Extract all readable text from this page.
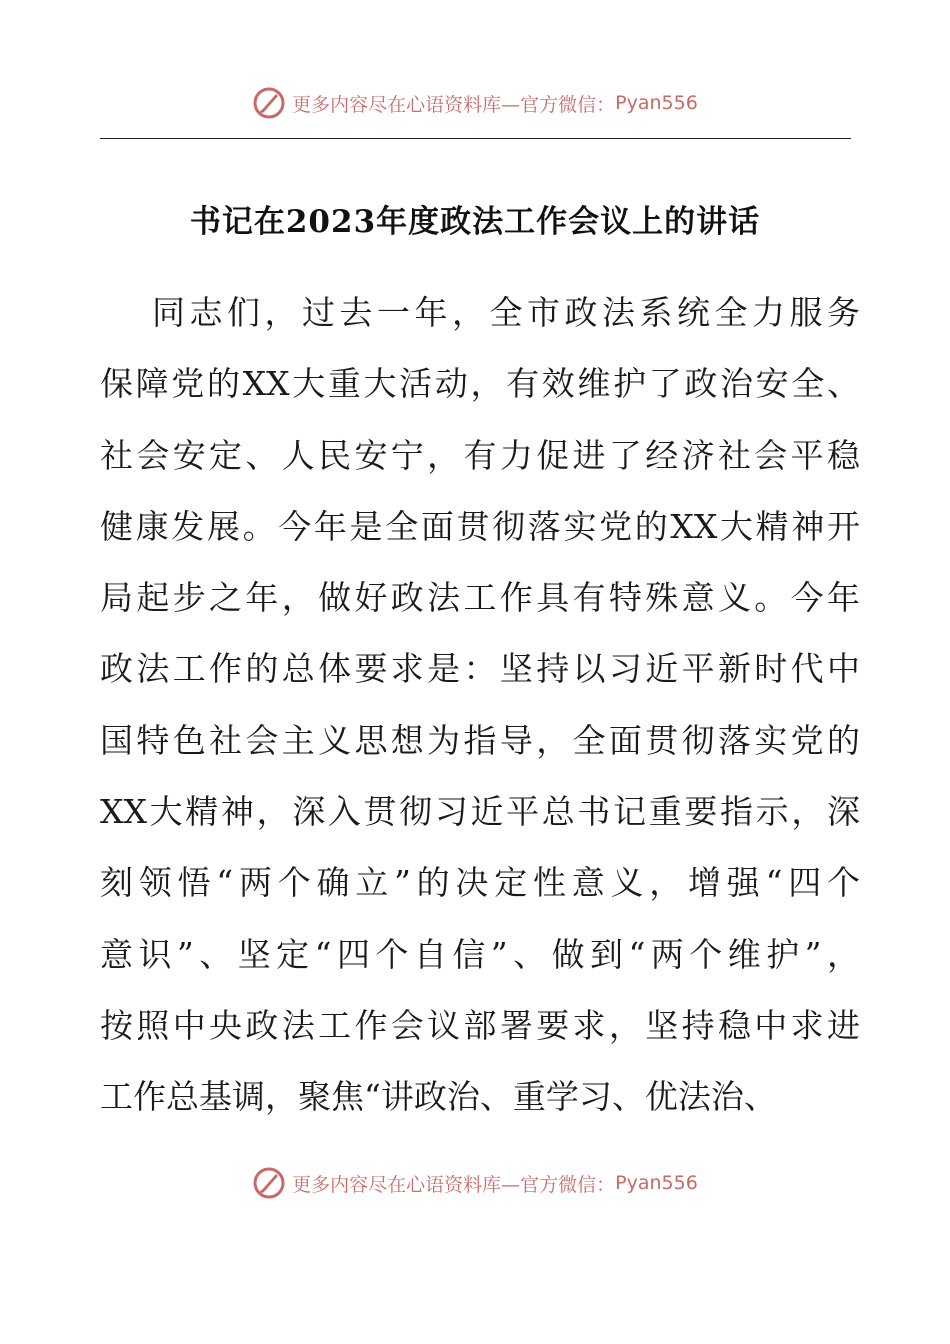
更多内容尽在心语资料库—官方微信： Pyan556
书记在2023年度政法工作会议上的讲话
同志们，过去一年，全市政法系统全力服务
保障党的XX大重大活动，有效维护了政治安全、
社会安定、人民安宁，有力促进了经济社会平稳
健康发展。今年是全面贯彻落实党的XX大精神开
局起步之年，做好政法工作具有特殊意义。今年
政法工作的总体要求是：坚持以习近平新时代中
国特色社会主义思想为指导，全面贯彻落实党的
XX大精神，深入贯彻习近平总书记重要指示，深
刻领悟“两个确立”的决定性意义，增强“四个
意识”、坚定“四个自信”、做到“两个维护”，
按照中央政法工作会议部署要求，坚持稳中求进
工作总基调，聚焦“讲政治、重学习、优法治、
更多内容尽在心语资料库—官方微信： Pyan556
